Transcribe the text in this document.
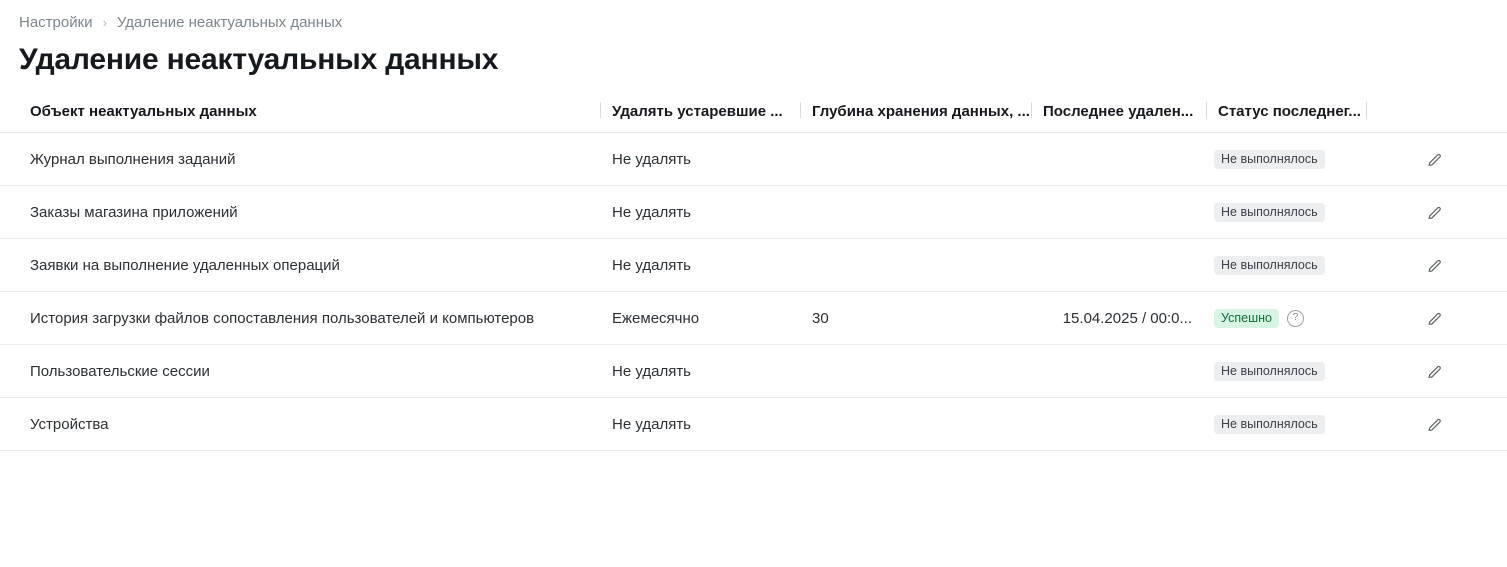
Настройки › Удаление неактуальных данных
Удаление неактуальных данных
Объект неактуальных данных	Удалять устаревшие ...	Глубина хранения данных, ...	Последнее удален...	Статус последнег...	

Журнал выполнения заданий	Не удалять			Не выполнялось

Заказы магазина приложений	Не удалять			Не выполнялось

Заявки на выполнение удаленных операций	Не удалять			Не выполнялось

История загрузки файлов сопоставления пользователей и компьютеров	Ежемесячно	30	15.04.2025 / 00:0...	Успешно ?

Пользовательские сессии	Не удалять			Не выполнялось

Устройства	Не удалять			Не выполнялось
